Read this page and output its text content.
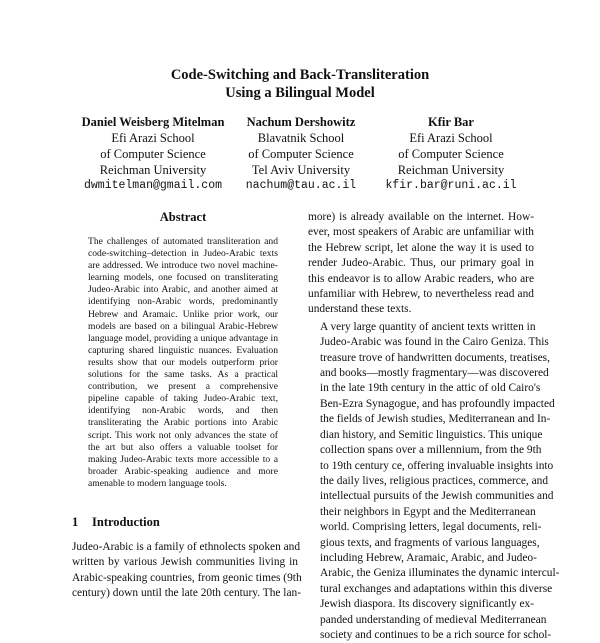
Code-Switching and Back-Transliteration
Using a Bilingual Model
Daniel Weisberg Mitelman
Efi Arazi School
of Computer Science
Reichman University
dwmitelman@gmail.com
Nachum Dershowitz
Blavatnik School
of Computer Science
Tel Aviv University
nachum@tau.ac.il
Kfir Bar
Efi Arazi School
of Computer Science
Reichman University
kfir.bar@runi.ac.il
Abstract
The challenges of automated transliteration and code-switching–detection in Judeo-Arabic texts are addressed. We introduce two novel machine-learning models, one focused on transliterating Judeo-Arabic into Arabic, and another aimed at identifying non-Arabic words, predominantly Hebrew and Aramaic. Unlike prior work, our models are based on a bilingual Arabic-Hebrew language model, providing a unique advantage in capturing shared linguistic nuances. Evaluation results show that our models outperform prior solutions for the same tasks. As a practical contribution, we present a comprehensive pipeline capable of taking Judeo-Arabic text, identifying non-Arabic words, and then transliterating the Arabic portions into Arabic script. This work not only advances the state of the art but also offers a valuable toolset for making Judeo-Arabic texts more accessible to a broader Arabic-speaking audience and more amenable to modern language tools.
1 Introduction
Judeo-Arabic is a family of ethnolects spoken and
written by various Jewish communities living in
Arabic-speaking countries, from geonic times (9th
century) down until the late 20th century. The lan-
more) is already available on the internet. How-
ever, most speakers of Arabic are unfamiliar with
the Hebrew script, let alone the way it is used to
render Judeo-Arabic. Thus, our primary goal in
this endeavor is to allow Arabic readers, who are
unfamiliar with Hebrew, to nevertheless read and
understand these texts.
A very large quantity of ancient texts written in
Judeo-Arabic was found in the Cairo Geniza. This
treasure trove of handwritten documents, treatises,
and books—mostly fragmentary—was discovered
in the late 19th century in the attic of old Cairo's
Ben-Ezra Synagogue, and has profoundly impacted
the fields of Jewish studies, Mediterranean and In-
dian history, and Semitic linguistics. This unique
collection spans over a millennium, from the 9th
to 19th century ce, offering invaluable insights into
the daily lives, religious practices, commerce, and
intellectual pursuits of the Jewish communities and
their neighbors in Egypt and the Mediterranean
world. Comprising letters, legal documents, reli-
gious texts, and fragments of various languages,
including Hebrew, Aramaic, Arabic, and Judeo-
Arabic, the Geniza illuminates the dynamic intercul-
tural exchanges and adaptations within this diverse
Jewish diaspora. Its discovery significantly ex-
panded understanding of medieval Mediterranean
society and continues to be a rich source for schol-
